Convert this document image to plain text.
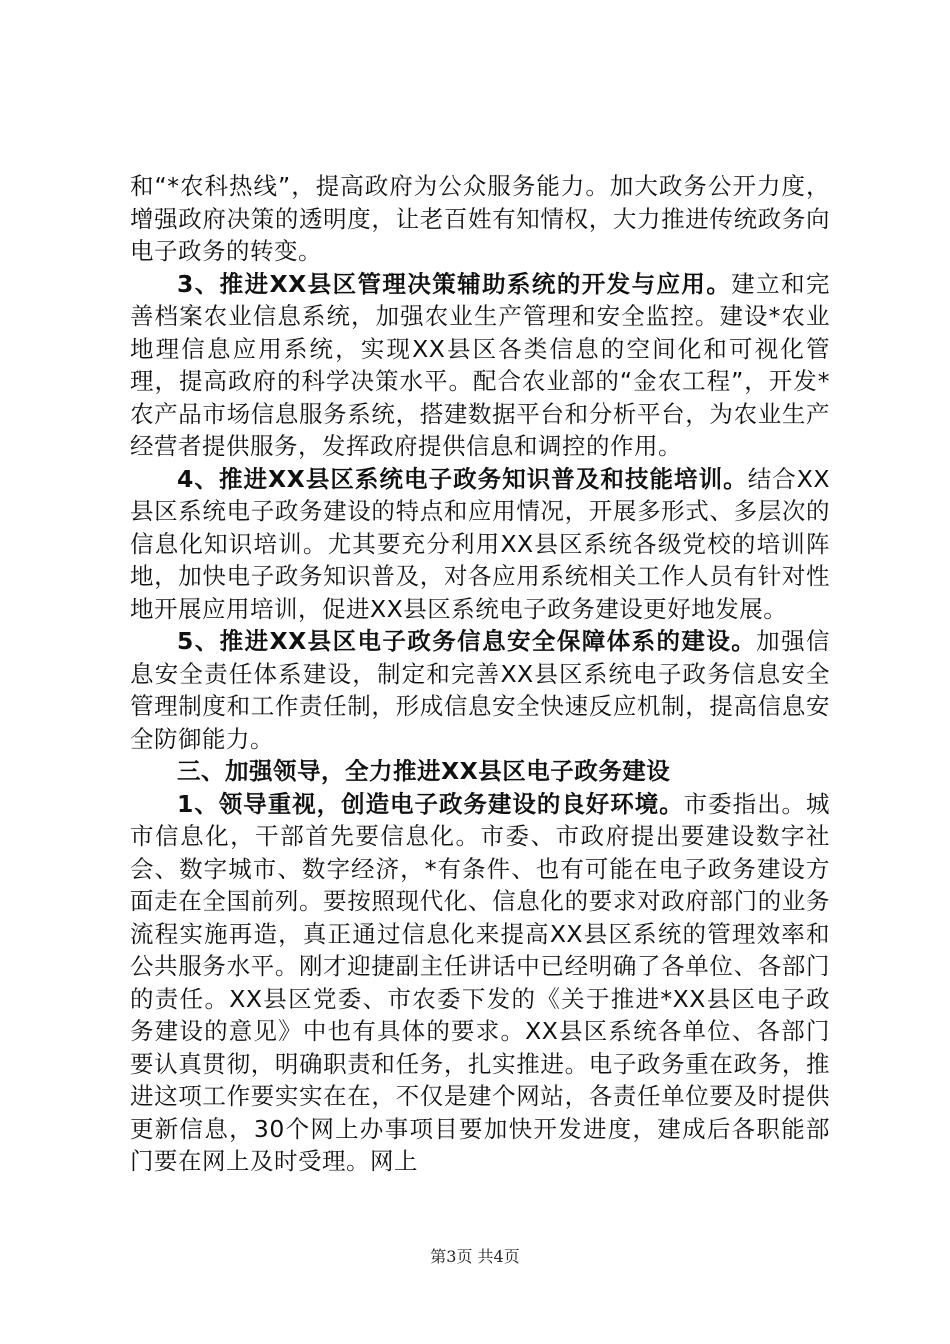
和“*农科热线”，提高政府为公众服务能力。加大政务公开力度，增强政府决策的透明度，让老百姓有知情权，大力推进传统政务向电子政务的转变。

3、推进XX县区管理决策辅助系统的开发与应用。建立和完善档案农业信息系统，加强农业生产管理和安全监控。建设*农业地理信息应用系统，实现XX县区各类信息的空间化和可视化管理，提高政府的科学决策水平。配合农业部的“金农工程”，开发*农产品市场信息服务系统，搭建数据平台和分析平台，为农业生产经营者提供服务，发挥政府提供信息和调控的作用。

4、推进XX县区系统电子政务知识普及和技能培训。结合XX县区系统电子政务建设的特点和应用情况，开展多形式、多层次的信息化知识培训。尤其要充分利用XX县区系统各级党校的培训阵地，加快电子政务知识普及，对各应用系统相关工作人员有针对性地开展应用培训，促进XX县区系统电子政务建设更好地发展。

5、推进XX县区电子政务信息安全保障体系的建设。加强信息安全责任体系建设，制定和完善XX县区系统电子政务信息安全管理制度和工作责任制，形成信息安全快速反应机制，提高信息安全防御能力。

三、加强领导，全力推进XX县区电子政务建设

1、领导重视，创造电子政务建设的良好环境。市委指出。城市信息化，干部首先要信息化。市委、市政府提出要建设数字社会、数字城市、数字经济，*有条件、也有可能在电子政务建设方面走在全国前列。要按照现代化、信息化的要求对政府部门的业务流程实施再造，真正通过信息化来提高XX县区系统的管理效率和公共服务水平。刚才迎捷副主任讲话中已经明确了各单位、各部门的责任。XX县区党委、市农委下发的《关于推进*XX县区电子政务建设的意见》中也有具体的要求。XX县区系统各单位、各部门要认真贯彻，明确职责和任务，扎实推进。电子政务重在政务，推进这项工作要实实在在，不仅是建个网站，各责任单位要及时提供更新信息，30个网上办事项目要加快开发进度，建成后各职能部门要在网上及时受理。网上

第3页 共4页
